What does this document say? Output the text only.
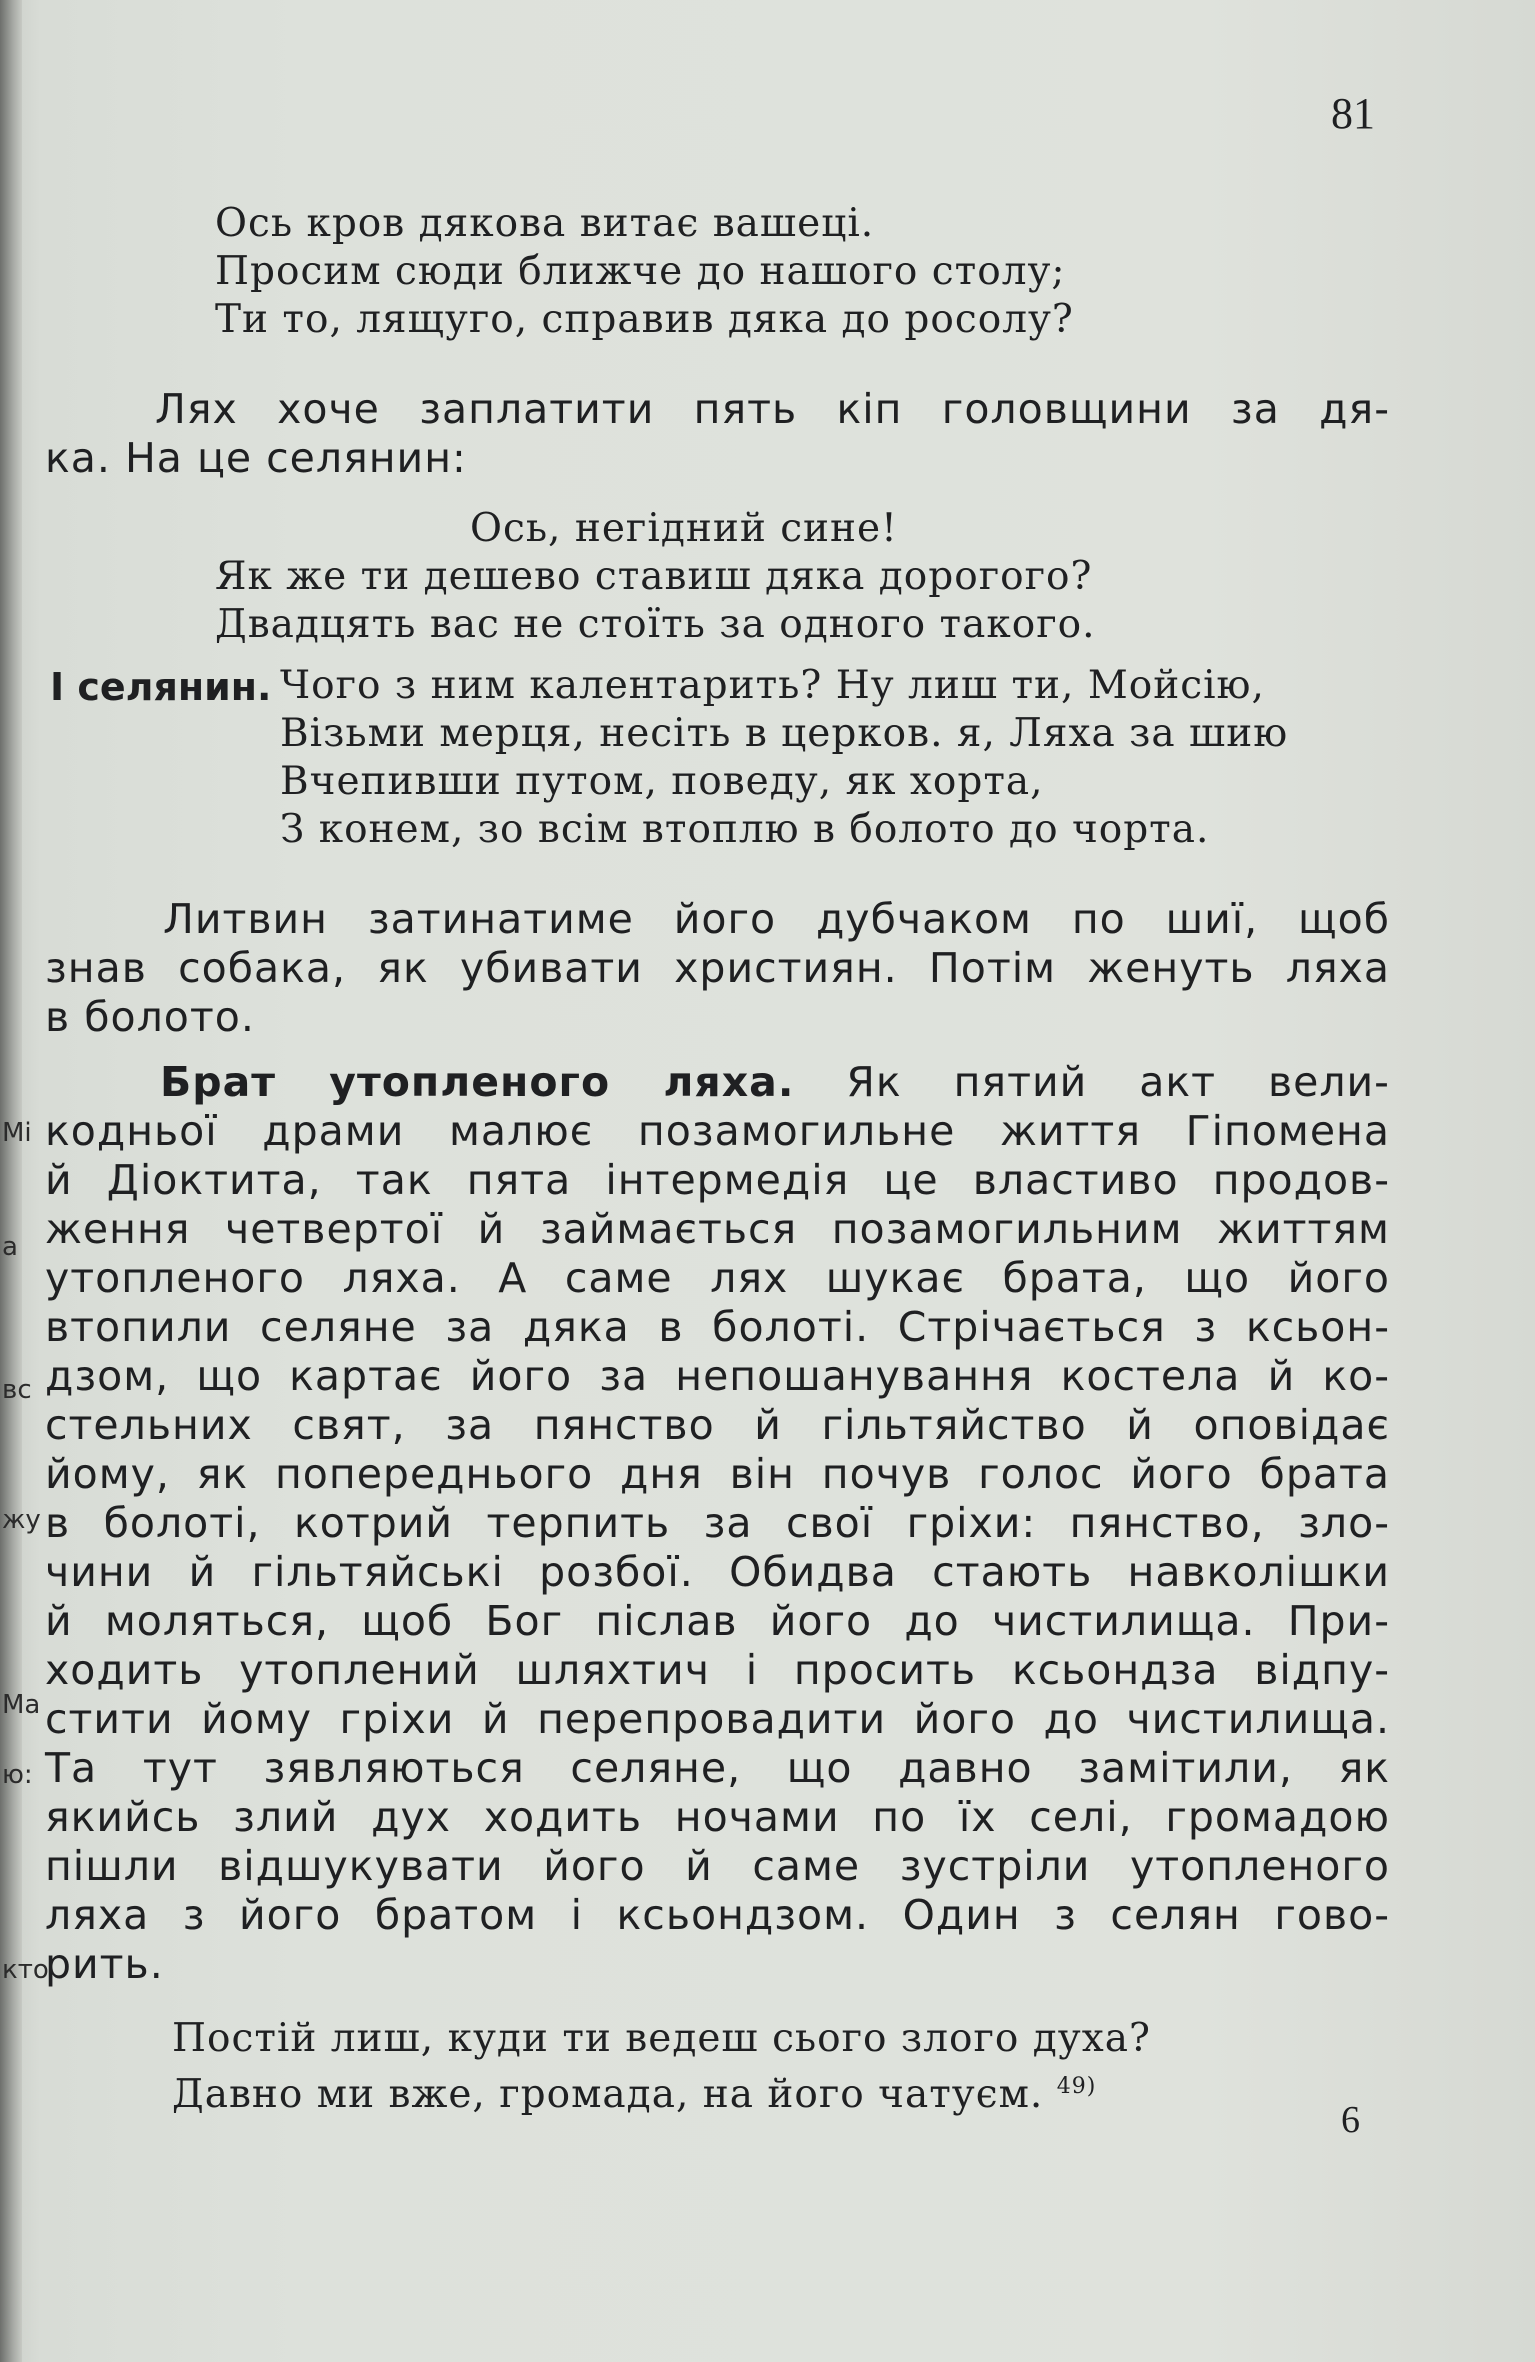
Мі
а
вс
жу
Ма
ю:
кто
81
Ось кров дякова витає вашеці.
Просим сюди ближче до нашого столу;
Ти то, лящуго, справив дяка до росолу?
Лях хоче заплатити пять кіп головщини за дя-
ка. На це селянин:
Ось, негідний сине!
Як же ти дешево ставиш дяка дорогого?
Двадцять вас не стоїть за одного такого.
І селянин. Чого з ним калентарить? Ну лиш ти, Мойсію,
Візьми мерця, несіть в церков. я, Ляха за шию
Вчепивши путом, поведу, як хорта,
З конем, зо всім втоплю в болото до чорта.
Литвин затинатиме його дубчаком по шиї, щоб
знав собака, як убивати християн. Потім женуть ляха
в болото.
Брат утопленого ляха. Як пятий акт вели-
кодньої драми малює позамогильне життя Гіпомена
й Діоктита, так пята інтермедія це властиво продов-
ження четвертої й займається позамогильним життям
утопленого ляха. А саме лях шукає брата, що його
втопили селяне за дяка в болоті. Стрічається з ксьон-
дзом, що картає його за непошанування костела й ко-
стельних свят, за пянство й гільтяйство й оповідає
йому, як попереднього дня він почув голос його брата
в болоті, котрий терпить за свої гріхи: пянство, зло-
чини й гільтяйські розбої. Обидва стають навколішки
й моляться, щоб Бог післав його до чистилища. При-
ходить утоплений шляхтич і просить ксьондза відпу-
стити йому гріхи й перепровадити його до чистилища.
Та тут зявляються селяне, що давно замітили, як
якийсь злий дух ходить ночами по їх селі, громадою
пішли відшукувати його й саме зустріли утопленого
ляха з його братом і ксьондзом. Один з селян гово-
рить.
Постій лиш, куди ти ведеш сього злого духа?
Давно ми вже, громада, на його чатуєм. $^{49)}$
6
